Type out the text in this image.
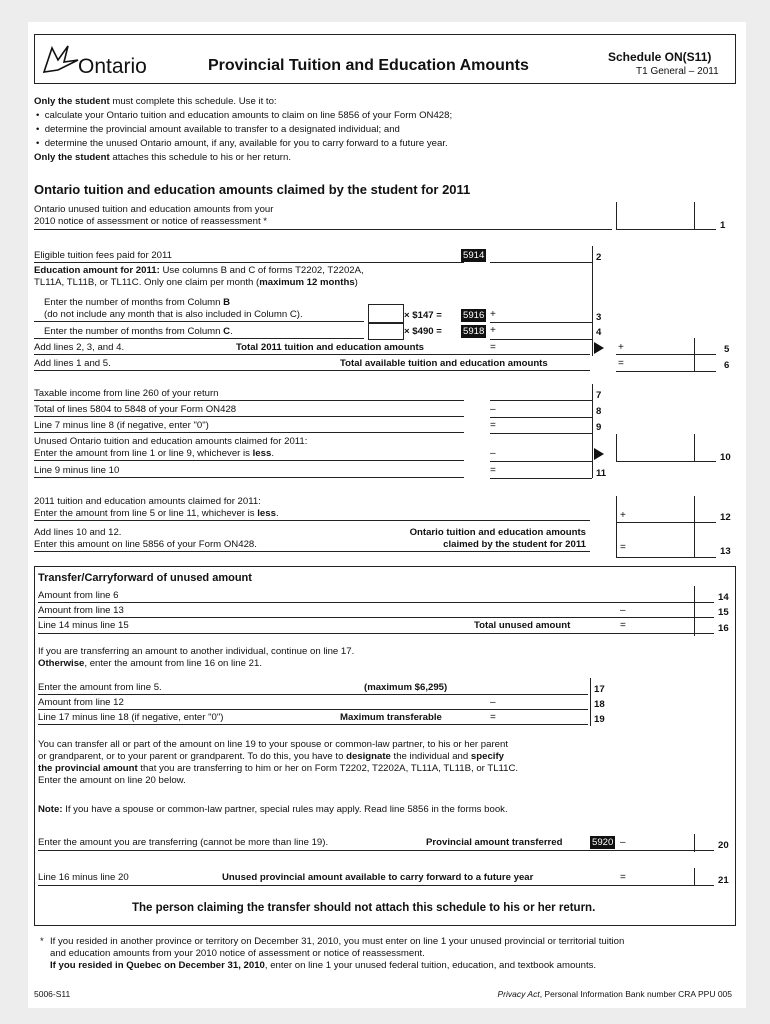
Ontario	Provincial Tuition and Education Amounts	Schedule ON(S11)
T1 General – 2011
Only the student must complete this schedule. Use it to:
•  calculate your Ontario tuition and education amounts to claim on line 5856 of your Form ON428;
•  determine the provincial amount available to transfer to a designated individual; and
•  determine the unused Ontario amount, if any, available for you to carry forward to a future year.
Only the student attaches this schedule to his or her return.
Ontario tuition and education amounts claimed by the student for 2011
Ontario unused tuition and education amounts from your
2010 notice of assessment or notice of reassessment *	1
Eligible tuition fees paid for 2011	5914	2
Education amount for 2011: Use columns B and C of forms T2202, T2202A,
TL11A, TL11B, or TL11C. Only one claim per month (maximum 12 months)
Enter the number of months from Column B
(do not include any month that is also included in Column C).	× $147 = 5916 +	3
Enter the number of months from Column C.	× $490 = 5918 +	4
Add lines 2, 3, and 4.	Total 2011 tuition and education amounts	=	+	5
Add lines 1 and 5.	Total available tuition and education amounts	=	6
Taxable income from line 260 of your return	7
Total of lines 5804 to 5848 of your Form ON428	–	8
Line 7 minus line 8 (if negative, enter "0")	=	9
Unused Ontario tuition and education amounts claimed for 2011:
Enter the amount from line 1 or line 9, whichever is less.	–	10
Line 9 minus line 10	=	11
2011 tuition and education amounts claimed for 2011:
Enter the amount from line 5 or line 11, whichever is less.	+	12
Add lines 10 and 12.
Enter this amount on line 5856 of your Form ON428.
Ontario tuition and education amounts
claimed by the student for 2011	=	13
Transfer/Carryforward of unused amount
Amount from line 6	14
Amount from line 13	–	15
Line 14 minus line 15	Total unused amount	=	16
If you are transferring an amount to another individual, continue on line 17.
Otherwise, enter the amount from line 16 on line 21.
Enter the amount from line 5.	(maximum $6,295)	17
Amount from line 12	–	18
Line 17 minus line 18 (if negative, enter "0")	Maximum transferable	=	19
You can transfer all or part of the amount on line 19 to your spouse or common-law partner, to his or her parent
or grandparent, or to your parent or grandparent. To do this, you have to designate the individual and specify
the provincial amount that you are transferring to him or her on Form T2202, T2202A, TL11A, TL11B, or TL11C.
Enter the amount on line 20 below.
Note: If you have a spouse or common-law partner, special rules may apply. Read line 5856 in the forms book.
Enter the amount you are transferring (cannot be more than line 19).	Provincial amount transferred	5920 –	20
Line 16 minus line 20	Unused provincial amount available to carry forward to a future year	=	21
The person claiming the transfer should not attach this schedule to his or her return.
* If you resided in another province or territory on December 31, 2010, you must enter on line 1 your unused provincial or territorial tuition
and education amounts from your 2010 notice of assessment or notice of reassessment.
If you resided in Quebec on December 31, 2010, enter on line 1 your unused federal tuition, education, and textbook amounts.
5006-S11	Privacy Act, Personal Information Bank number CRA PPU 005
